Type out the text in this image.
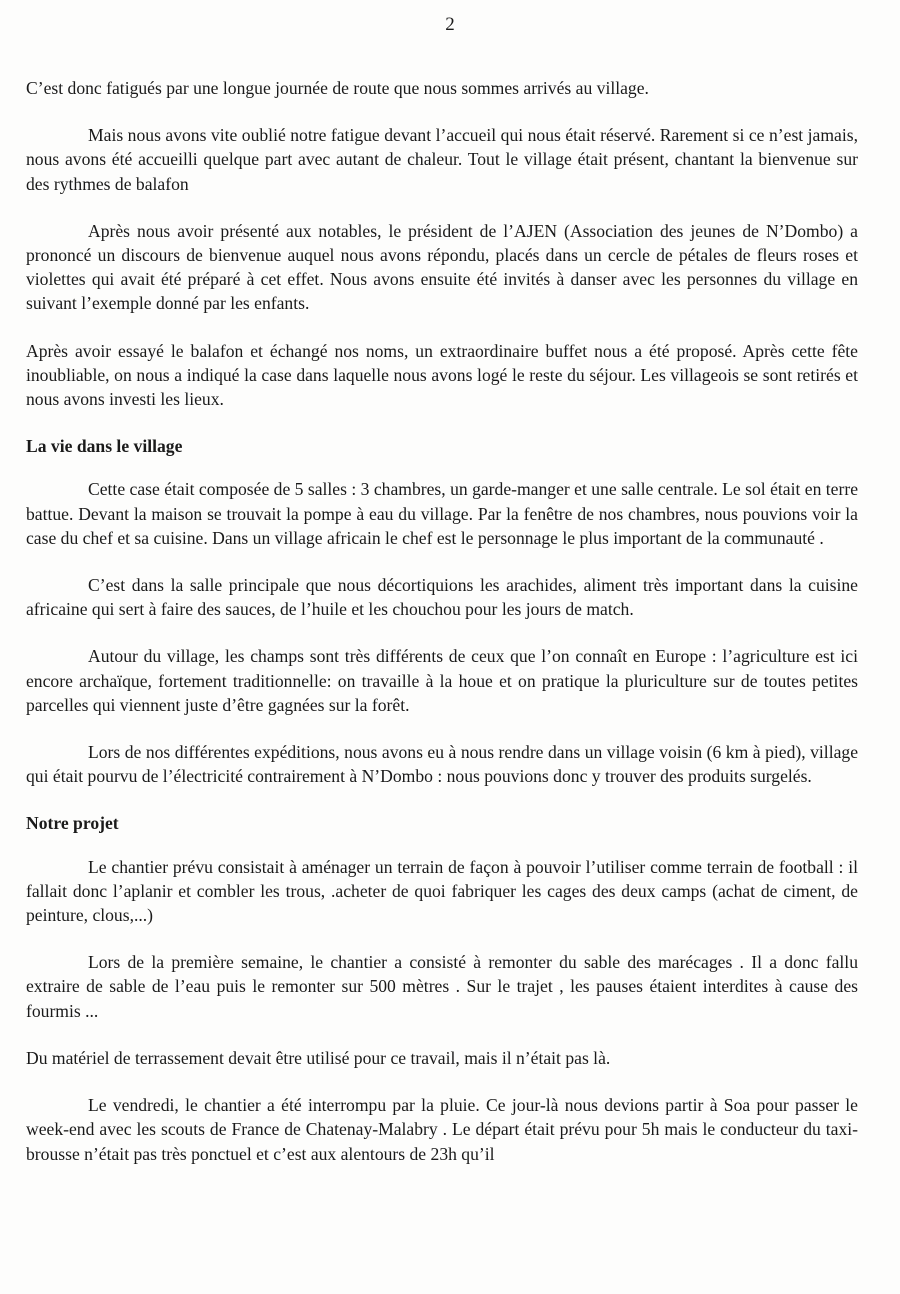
2

C’est donc fatigués par une longue journée de route que nous sommes arrivés au village.

Mais nous avons vite oublié notre fatigue devant l’accueil qui nous était réservé. Rarement si ce n’est jamais, nous avons été accueilli quelque part avec autant de chaleur. Tout le village était présent, chantant la bienvenue sur des rythmes de balafon

Après nous avoir présenté aux notables, le président de l’AJEN (Association des jeunes de N’Dombo) a prononcé un discours de bienvenue auquel nous avons répondu, placés dans un cercle de pétales de fleurs roses et violettes qui avait été préparé à cet effet. Nous avons ensuite été invités à danser avec les personnes du village en suivant l’exemple donné par les enfants.

Après avoir essayé le balafon et échangé nos noms, un extraordinaire buffet nous a été proposé. Après cette fête inoubliable, on nous a indiqué la case dans laquelle nous avons logé le reste du séjour. Les villageois se sont retirés et nous avons investi les lieux.

La vie dans le village

Cette case était composée de 5 salles : 3 chambres, un garde-manger et une salle centrale. Le sol était en terre battue. Devant la maison se trouvait la pompe à eau du village. Par la fenêtre de nos chambres, nous pouvions voir la case du chef et sa cuisine. Dans un village africain le chef est le personnage le plus important de la communauté .

C’est dans la salle principale que nous décortiquions les arachides, aliment très important dans la cuisine africaine qui sert à faire des sauces, de l’huile et les chouchou pour les jours de match.

Autour du village, les champs sont très différents de ceux que l’on connaît en Europe : l’agriculture est ici encore archaïque, fortement traditionnelle: on travaille à la houe et on pratique la pluriculture sur de toutes petites parcelles qui viennent juste d’être gagnées sur la forêt.

Lors de nos différentes expéditions, nous avons eu à nous rendre dans un village voisin (6 km à pied), village qui était pourvu de l’électricité contrairement à N’Dombo : nous pouvions donc y trouver des produits surgelés.

Notre projet

Le chantier prévu consistait à aménager un terrain de façon à pouvoir l’utiliser comme terrain de football : il fallait donc l’aplanir et combler les trous, .acheter de quoi fabriquer les cages des deux camps (achat de ciment, de peinture, clous,...)

Lors de la première semaine, le chantier a consisté à remonter du sable des marécages . Il a donc fallu extraire de sable de l’eau puis le remonter sur 500 mètres . Sur le trajet , les pauses étaient interdites à cause des fourmis ...

Du matériel de terrassement devait être utilisé pour ce travail, mais il n’était pas là.

Le vendredi, le chantier a été interrompu par la pluie. Ce jour-là nous devions partir à Soa pour passer le week-end avec les scouts de France de Chatenay-Malabry . Le départ était prévu pour 5h mais le conducteur du taxi-brousse n’était pas très ponctuel et c’est aux alentours de 23h qu’il
